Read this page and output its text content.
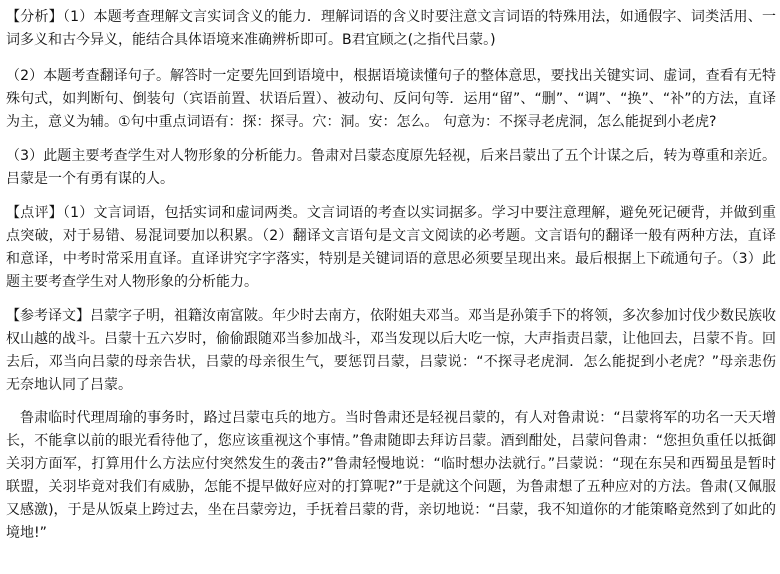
【分析】（1）本题考查理解文言实词含义的能力．理解词语的含义时要注意文言词语的特殊用法，如通假字、词类活用、一词多义和古今异义，能结合具体语境来准确辨析即可。B君宜顾之(之指代吕蒙。)

（2）本题考查翻译句子。解答时一定要先回到语境中，根据语境读懂句子的整体意思，要找出关键实词、虚词，查看有无特殊句式，如判断句、倒装句（宾语前置、状语后置）、被动句、反问句等．运用“留”、“删”、“调”、“换”、“补”的方法，直译为主，意义为辅。①句中重点词语有：探：探寻。穴：洞。安：怎么。 句意为：不探寻老虎洞，怎么能捉到小老虎?

（3）此题主要考查学生对人物形象的分析能力。鲁肃对吕蒙态度原先轻视，后来吕蒙出了五个计谋之后，转为尊重和亲近。吕蒙是一个有勇有谋的人。

【点评】（1）文言词语，包括实词和虚词两类。文言词语的考查以实词据多。学习中要注意理解，避免死记硬背，并做到重点突破，对于易错、易混词要加以积累。（2）翻译文言语句是文言文阅读的必考题。文言语句的翻译一般有两种方法，直译和意译，中考时常采用直译。直译讲究字字落实，特别是关键词语的意思必须要呈现出来。最后根据上下疏通句子。（3）此题主要考查学生对人物形象的分析能力。

【参考译文】吕蒙字子明，祖籍汝南富陂。年少时去南方，依附姐夫邓当。邓当是孙策手下的将领，多次参加讨伐少数民族收权山越的战斗。吕蒙十五六岁时，偷偷跟随邓当参加战斗，邓当发现以后大吃一惊，大声指责吕蒙，让他回去，吕蒙不肯。回去后，邓当向吕蒙的母亲告状，吕蒙的母亲很生气，要惩罚吕蒙，吕蒙说：“不探寻老虎洞．怎么能捉到小老虎？”母亲悲伤无奈地认同了吕蒙。

鲁肃临时代理周瑜的事务时，路过吕蒙屯兵的地方。当时鲁肃还是轻视吕蒙的，有人对鲁肃说：“吕蒙将军的功名一天天增长，不能拿以前的眼光看待他了，您应该重视这个事情。”鲁肃随即去拜访吕蒙。酒到酣处，吕蒙问鲁肃：“您担负重任以抵御关羽方面军，打算用什么方法应付突然发生的袭击?”鲁肃轻慢地说：“临时想办法就行。”吕蒙说：“现在东吴和西蜀虽是暂时联盟，关羽毕竟对我们有威胁，怎能不提早做好应对的打算呢?”于是就这个问题，为鲁肃想了五种应对的方法。鲁肃(又佩服又感激)，于是从饭桌上跨过去，坐在吕蒙旁边，手抚着吕蒙的背，亲切地说：“吕蒙，我不知道你的才能策略竟然到了如此的境地!”
